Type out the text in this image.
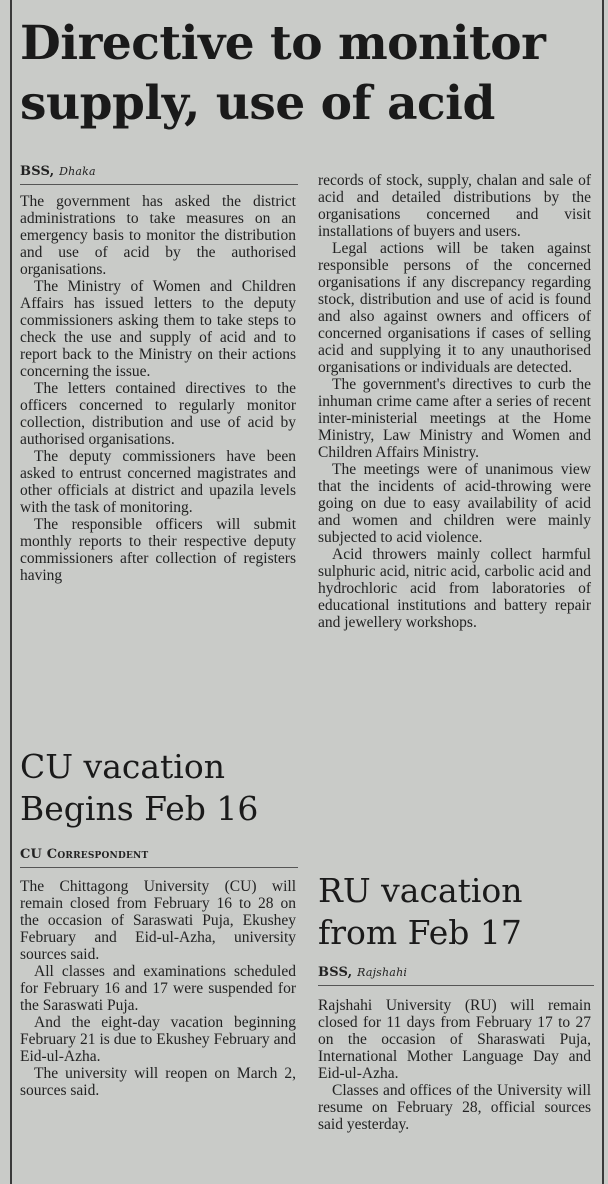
Directive to monitor
supply, use of acid
BSS, Dhaka

The government has asked the district administrations to take measures on an emergency basis to monitor the distribution and use of acid by the authorised organisations.

The Ministry of Women and Children Affairs has issued letters to the deputy commissioners asking them to take steps to check the use and supply of acid and to report back to the Ministry on their actions concerning the issue.

The letters contained directives to the officers concerned to regularly monitor collection, distribution and use of acid by authorised organisations.

The deputy commissioners have been asked to entrust concerned magistrates and other officials at district and upazila levels with the task of monitoring.

The responsible officers will submit monthly reports to their respective deputy commissioners after collection of registers having

records of stock, supply, chalan and sale of acid and detailed distributions by the organisations concerned and visit installations of buyers and users.

Legal actions will be taken against responsible persons of the concerned organisations if any discrepancy regarding stock, distribution and use of acid is found and also against owners and officers of concerned organisations if cases of selling acid and supplying it to any unauthorised organisations or individuals are detected.

The government's directives to curb the inhuman crime came after a series of recent inter-ministerial meetings at the Home Ministry, Law Ministry and Women and Children Affairs Ministry.

The meetings were of unanimous view that the incidents of acid-throwing were going on due to easy availability of acid and women and children were mainly subjected to acid violence.

Acid throwers mainly collect harmful sulphuric acid, nitric acid, carbolic acid and hydrochloric acid from laboratories of educational institutions and battery repair and jewellery workshops.

CU vacation
Begins Feb 16
CU Correspondent

The Chittagong University (CU) will remain closed from February 16 to 28 on the occasion of Saraswati Puja, Ekushey February and Eid-ul-Azha, university sources said.

All classes and examinations scheduled for February 16 and 17 were suspended for the Saraswati Puja.

And the eight-day vacation beginning February 21 is due to Ekushey February and Eid-ul-Azha.

The university will reopen on March 2, sources said.

RU vacation
from Feb 17
BSS, Rajshahi

Rajshahi University (RU) will remain closed for 11 days from February 17 to 27 on the occasion of Sharaswati Puja, International Mother Language Day and Eid-ul-Azha.

Classes and offices of the University will resume on February 28, official sources said yesterday.
